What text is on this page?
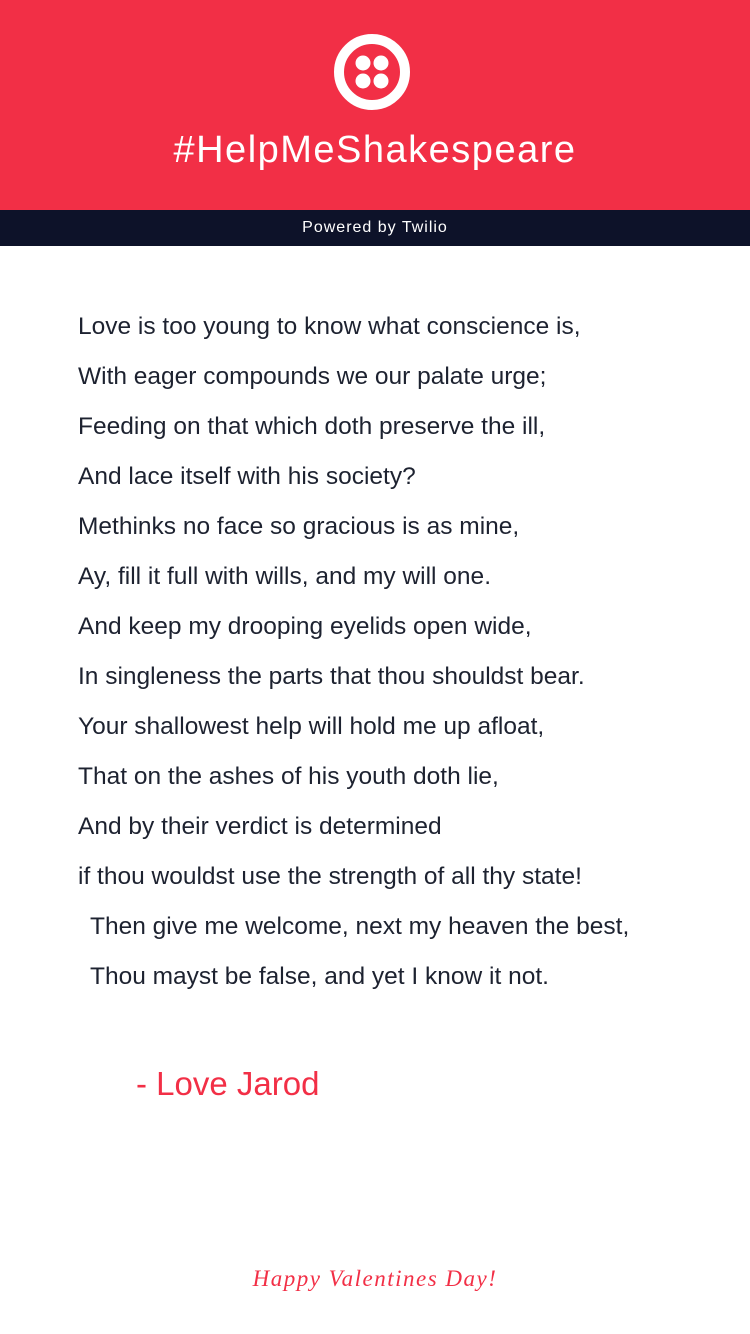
#HelpMeShakespeare
Powered by Twilio
Love is too young to know what conscience is,
With eager compounds we our palate urge;
Feeding on that which doth preserve the ill,
And lace itself with his society?
Methinks no face so gracious is as mine,
Ay, fill it full with wills, and my will one.
And keep my drooping eyelids open wide,
In singleness the parts that thou shouldst bear.
Your shallowest help will hold me up afloat,
That on the ashes of his youth doth lie,
And by their verdict is determined
if thou wouldst use the strength of all thy state!
Then give me welcome, next my heaven the best,
Thou mayst be false, and yet I know it not.
- Love Jarod
Happy Valentines Day!
